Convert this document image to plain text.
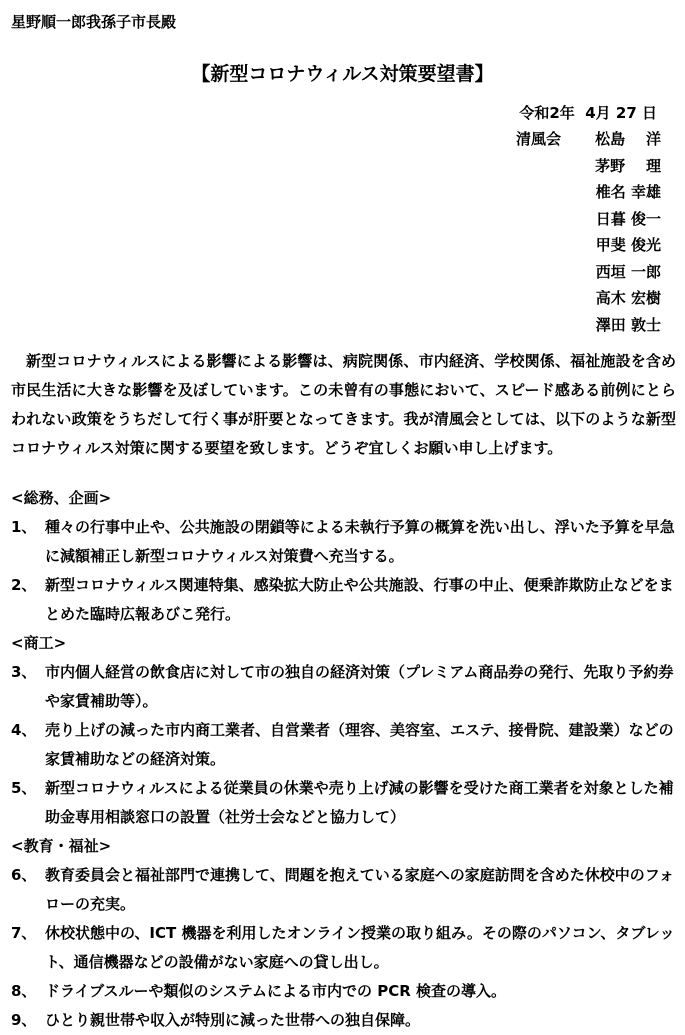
星野順一郎我孫子市長殿
【新型コロナウィルス対策要望書】
令和2年  4月 27 日
清風会 松島    洋
茅野    理
椎名 幸雄
日暮 俊一
甲斐 俊光
西垣 一郎
高木 宏樹
澤田 敦士
新型コロナウィルスによる影響による影響は、病院関係、市内経済、学校関係、福祉施設を含め市民生活に大きな影響を及ぼしています。この未曾有の事態において、スピード感ある前例にとらわれない政策をうちだして行く事が肝要となってきます。我が清風会としては、以下のような新型コロナウィルス対策に関する要望を致します。どうぞ宜しくお願い申し上げます。
<総務、企画>
1、 種々の行事中止や、公共施設の閉鎖等による未執行予算の概算を洗い出し、浮いた予算を早急に減額補正し新型コロナウィルス対策費へ充当する。
2、 新型コロナウィルス関連特集、感染拡大防止や公共施設、行事の中止、便乗詐欺防止などをまとめた臨時広報あびこ発行。
<商工>
3、 市内個人経営の飲食店に対して市の独自の経済対策（プレミアム商品券の発行、先取り予約券や家賃補助等）。
4、 売り上げの減った市内商工業者、自営業者（理容、美容室、エステ、接骨院、建設業）などの家賃補助などの経済対策。
5、 新型コロナウィルスによる従業員の休業や売り上げ減の影響を受けた商工業者を対象とした補助金専用相談窓口の設置（社労士会などと協力して）
<教育・福祉>
6、 教育委員会と福祉部門で連携して、問題を抱えている家庭への家庭訪問を含めた休校中のフォローの充実。
7、 休校状態中の、ICT 機器を利用したオンライン授業の取り組み。その際のパソコン、タブレット、通信機器などの設備がない家庭への貸し出し。
8、 ドライブスルーや類似のシステムによる市内での PCR 検査の導入。
9、 ひとり親世帯や収入が特別に減った世帯への独自保障。
